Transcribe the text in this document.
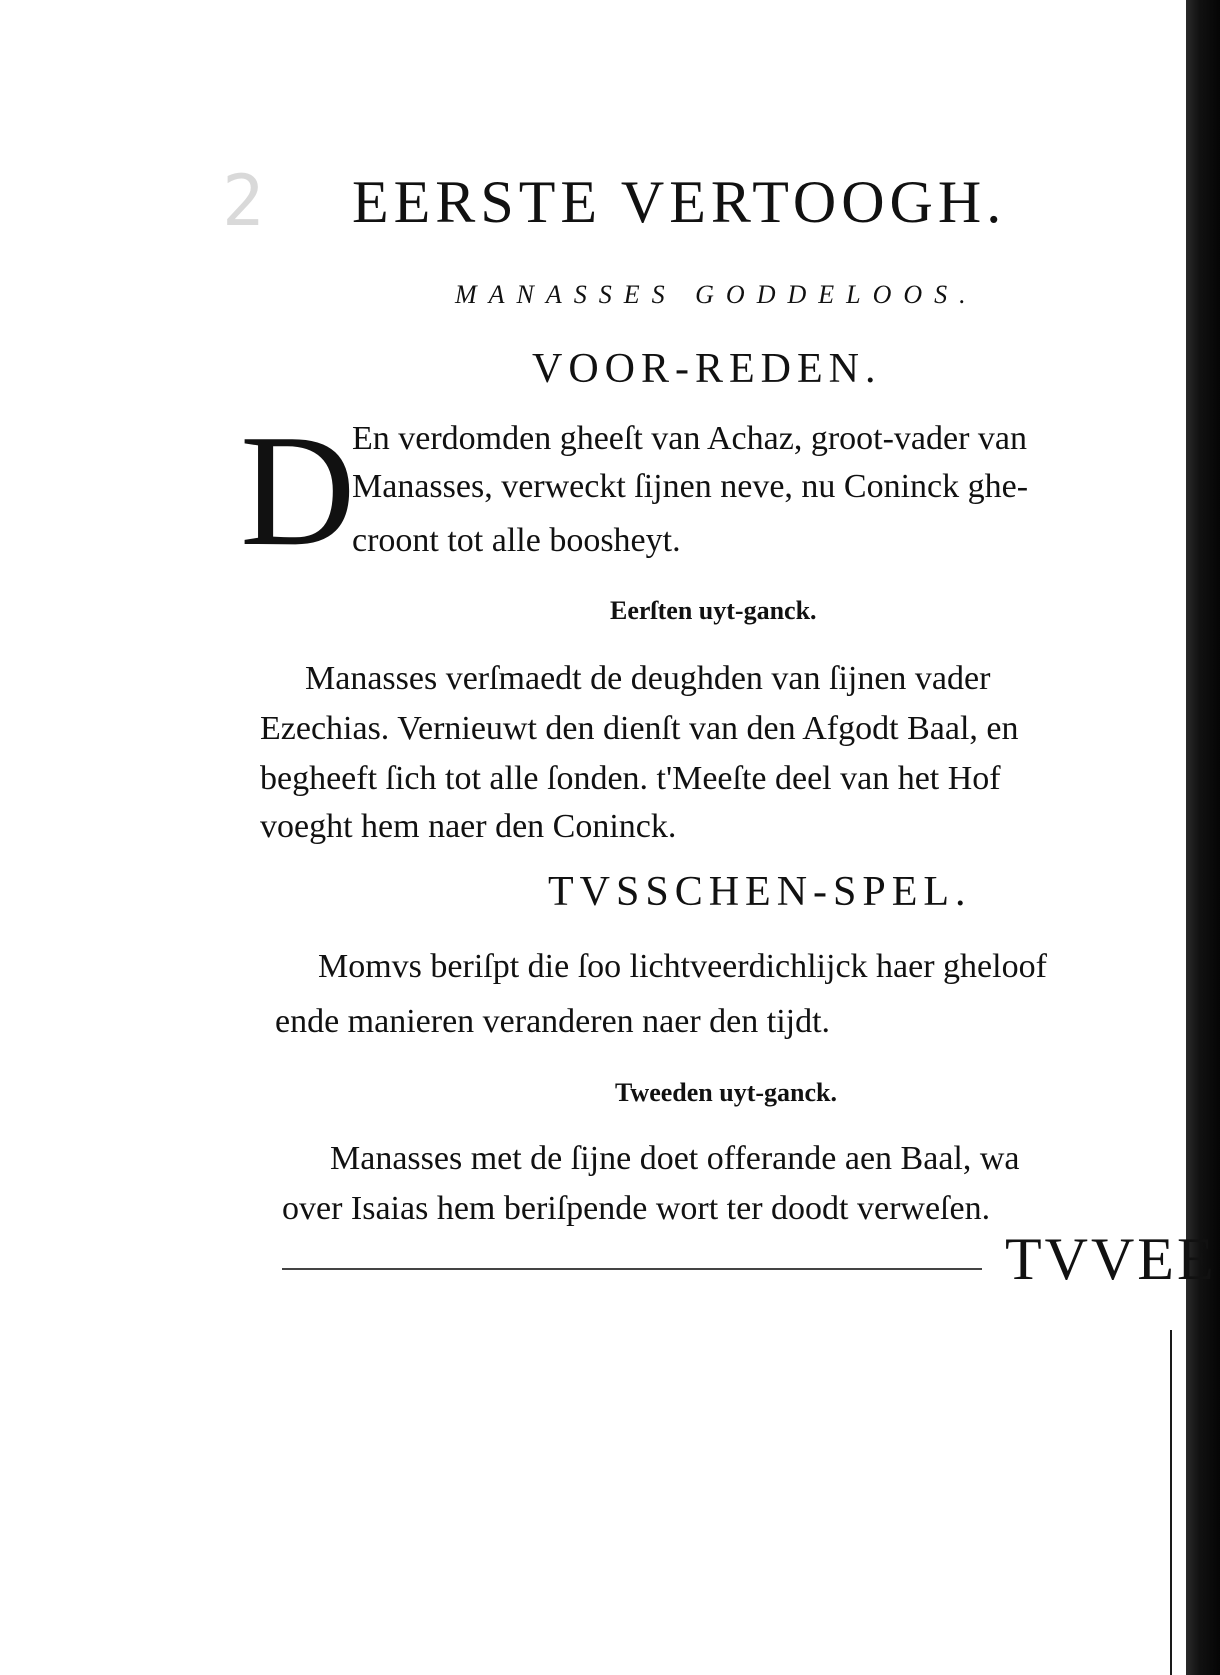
2 EERSTE VERTOOGH.
MANASSES GODDELOOS.
VOOR-REDEN.
D
En verdomden gheeſt van Achaz, groot-vader van
Manasses, verweckt ſijnen neve, nu Coninck ghe-
croont tot alle boosheyt.
Eerſten uyt-ganck.
Manasses verſmaedt de deughden van ſijnen vader
Ezechias. Vernieuwt den dienſt van den Afgodt Baal, en
begheeft ſich tot alle ſonden. t'Meeſte deel van het Hof
voeght hem naer den Coninck.
TVSSCHEN-SPEL.
Momvs beriſpt die ſoo lichtveerdichlijck haer gheloof
ende manieren veranderen naer den tijdt.
Tweeden uyt-ganck.
Manasses met de ſijne doet offerande aen Baal, wa
over Isaias hem beriſpende wort ter doodt verweſen.
TVVEE
